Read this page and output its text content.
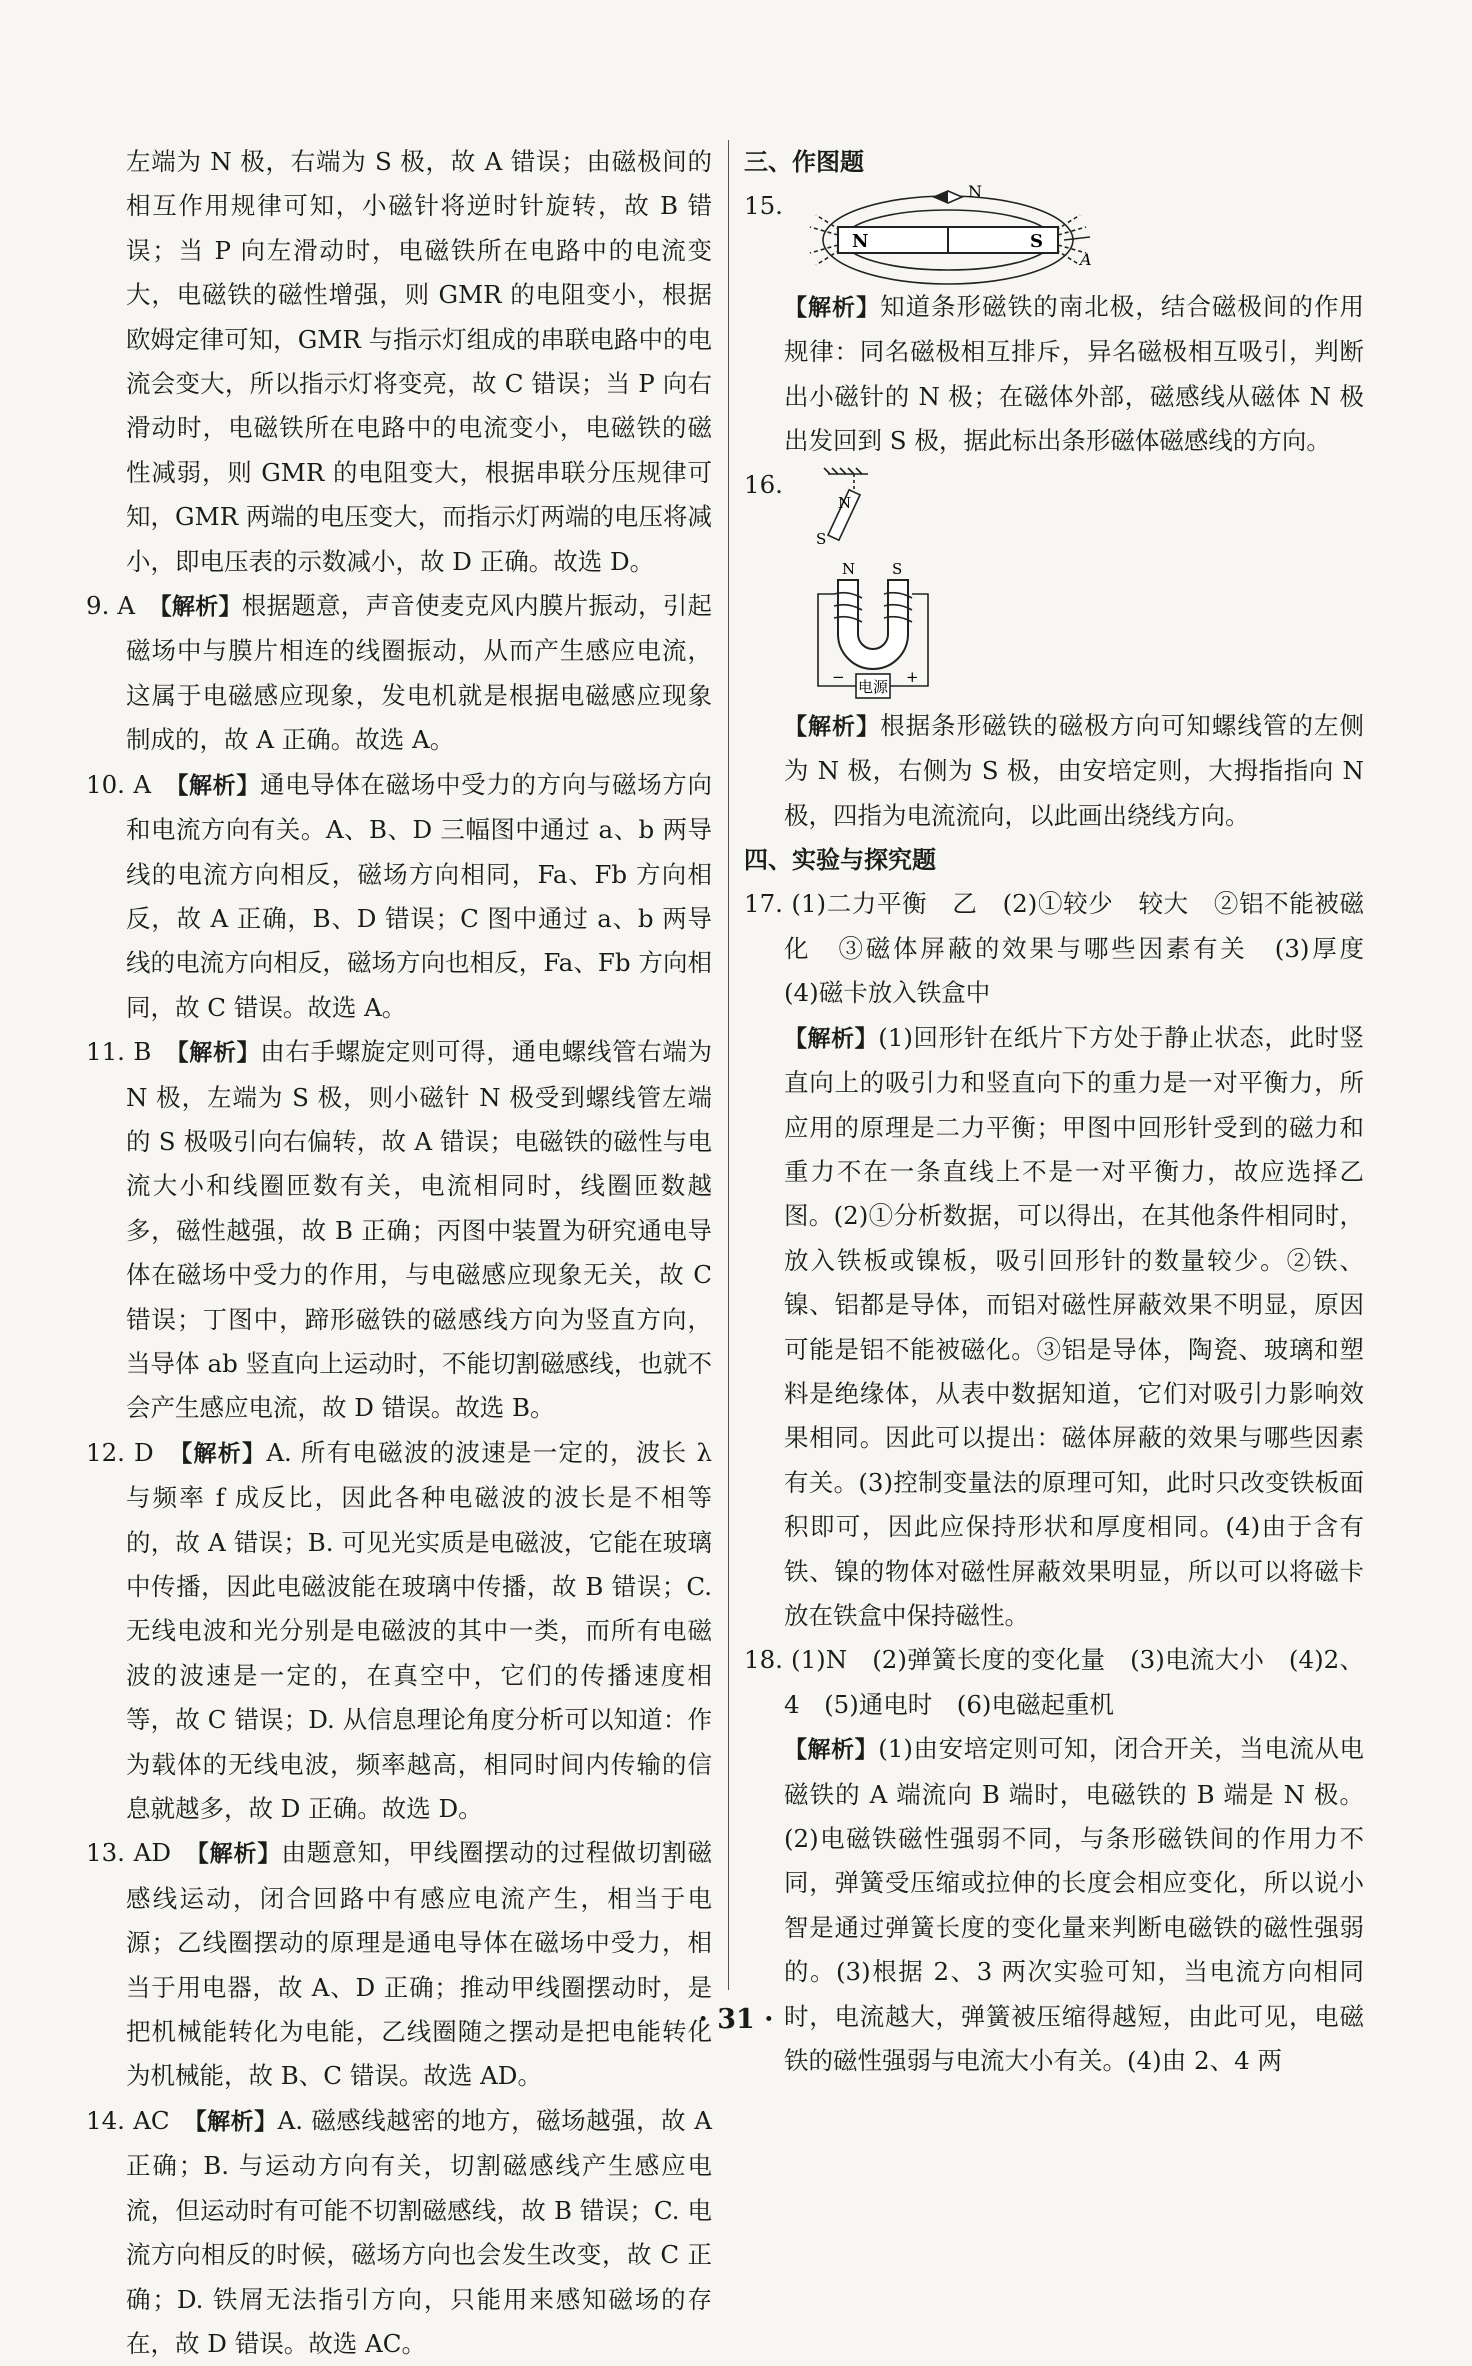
左端为 N 极，右端为 S 极，故 A 错误；由磁极间的相互作用规律可知，小磁针将逆时针旋转，故 B 错误；当 P 向左滑动时，电磁铁所在电路中的电流变大，电磁铁的磁性增强，则 GMR 的电阻变小，根据欧姆定律可知，GMR 与指示灯组成的串联电路中的电流会变大，所以指示灯将变亮，故 C 错误；当 P 向右滑动时，电磁铁所在电路中的电流变小，电磁铁的磁性减弱，则 GMR 的电阻变大，根据串联分压规律可知，GMR 两端的电压变大，而指示灯两端的电压将减小，即电压表的示数减小，故 D 正确。故选 D。

9. A　【解析】根据题意，声音使麦克风内膜片振动，引起磁场中与膜片相连的线圈振动，从而产生感应电流，这属于电磁感应现象，发电机就是根据电磁感应现象制成的，故 A 正确。故选 A。

10. A　【解析】通电导体在磁场中受力的方向与磁场方向和电流方向有关。A、B、D 三幅图中通过 a、b 两导线的电流方向相反，磁场方向相同，Fa、Fb 方向相反，故 A 正确，B、D 错误；C 图中通过 a、b 两导线的电流方向相反，磁场方向也相反，Fa、Fb 方向相同，故 C 错误。故选 A。

11. B　【解析】由右手螺旋定则可得，通电螺线管右端为 N 极，左端为 S 极，则小磁针 N 极受到螺线管左端的 S 极吸引向右偏转，故 A 错误；电磁铁的磁性与电流大小和线圈匝数有关，电流相同时，线圈匝数越多，磁性越强，故 B 正确；丙图中装置为研究通电导体在磁场中受力的作用，与电磁感应现象无关，故 C 错误；丁图中，蹄形磁铁的磁感线方向为竖直方向，当导体 ab 竖直向上运动时，不能切割磁感线，也就不会产生感应电流，故 D 错误。故选 B。

12. D　【解析】A. 所有电磁波的波速是一定的，波长 λ 与频率 f 成反比，因此各种电磁波的波长是不相等的，故 A 错误；B. 可见光实质是电磁波，它能在玻璃中传播，因此电磁波能在玻璃中传播，故 B 错误；C. 无线电波和光分别是电磁波的其中一类，而所有电磁波的波速是一定的，在真空中，它们的传播速度相等，故 C 错误；D. 从信息理论角度分析可以知道：作为载体的无线电波，频率越高，相同时间内传输的信息就越多，故 D 正确。故选 D。

13. AD　【解析】由题意知，甲线圈摆动的过程做切割磁感线运动，闭合回路中有感应电流产生，相当于电源；乙线圈摆动的原理是通电导体在磁场中受力，相当于用电器，故 A、D 正确；推动甲线圈摆动时，是把机械能转化为电能，乙线圈随之摆动是把电能转化为机械能，故 B、C 错误。故选 AD。

14. AC　【解析】A. 磁感线越密的地方，磁场越强，故 A 正确；B. 与运动方向有关，切割磁感线产生感应电流，但运动时有可能不切割磁感线，故 B 错误；C. 电流方向相反的时候，磁场方向也会发生改变，故 C 正确；D. 铁屑无法指引方向，只能用来感知磁场的存在，故 D 错误。故选 AC。

三、作图题

15.

N	S
N
A

【解析】知道条形磁铁的南北极，结合磁极间的作用规律：同名磁极相互排斥，异名磁极相互吸引，判断出小磁针的 N 极；在磁体外部，磁感线从磁体 N 极出发回到 S 极，据此标出条形磁体磁感线的方向。

16.

N
S
N S
电源
−	+

【解析】根据条形磁铁的磁极方向可知螺线管的左侧为 N 极，右侧为 S 极，由安培定则，大拇指指向 N 极，四指为电流流向，以此画出绕线方向。

四、实验与探究题

17. (1)二力平衡　乙　(2)①较少　较大　②铝不能被磁化　③磁体屏蔽的效果与哪些因素有关　(3)厚度　(4)磁卡放入铁盒中

【解析】(1)回形针在纸片下方处于静止状态，此时竖直向上的吸引力和竖直向下的重力是一对平衡力，所应用的原理是二力平衡；甲图中回形针受到的磁力和重力不在一条直线上不是一对平衡力，故应选择乙图。(2)①分析数据，可以得出，在其他条件相同时，放入铁板或镍板，吸引回形针的数量较少。②铁、镍、铝都是导体，而铝对磁性屏蔽效果不明显，原因可能是铝不能被磁化。③铝是导体，陶瓷、玻璃和塑料是绝缘体，从表中数据知道，它们对吸引力影响效果相同。因此可以提出：磁体屏蔽的效果与哪些因素有关。(3)控制变量法的原理可知，此时只改变铁板面积即可，因此应保持形状和厚度相同。(4)由于含有铁、镍的物体对磁性屏蔽效果明显，所以可以将磁卡放在铁盒中保持磁性。

18. (1)N　(2)弹簧长度的变化量　(3)电流大小　(4)2、4　(5)通电时　(6)电磁起重机

【解析】(1)由安培定则可知，闭合开关，当电流从电磁铁的 A 端流向 B 端时，电磁铁的 B 端是 N 极。(2)电磁铁磁性强弱不同，与条形磁铁间的作用力不同，弹簧受压缩或拉伸的长度会相应变化，所以说小智是通过弹簧长度的变化量来判断电磁铁的磁性强弱的。(3)根据 2、3 两次实验可知，当电流方向相同时，电流越大，弹簧被压缩得越短，由此可见，电磁铁的磁性强弱与电流大小有关。(4)由 2、4 两

· 31 ·
